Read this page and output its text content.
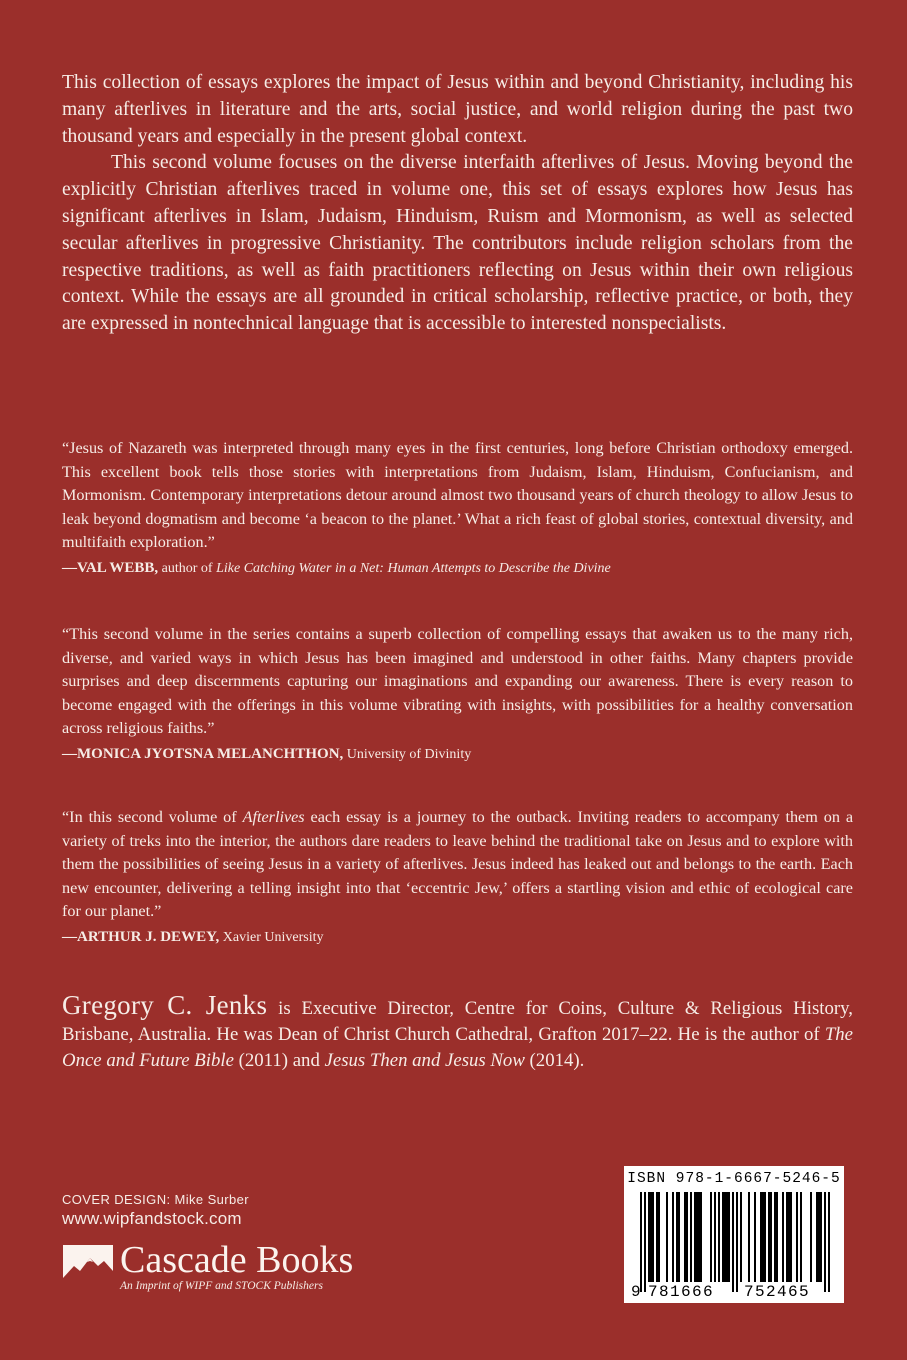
This collection of essays explores the impact of Jesus within and beyond Christianity, including his many afterlives in literature and the arts, social justice, and world religion during the past two thousand years and especially in the present global context.

This second volume focuses on the diverse interfaith afterlives of Jesus. Moving beyond the explicitly Christian afterlives traced in volume one, this set of essays explores how Jesus has significant afterlives in Islam, Judaism, Hinduism, Ruism and Mormonism, as well as selected secular afterlives in progressive Christianity. The contributors include religion scholars from the respective traditions, as well as faith practitioners reflecting on Jesus within their own religious context. While the essays are all grounded in critical scholarship, reflective practice, or both, they are expressed in nontechnical language that is accessible to interested nonspecialists.

“Jesus of Nazareth was interpreted through many eyes in the first centuries, long before Christian orthodoxy emerged. This excellent book tells those stories with interpretations from Judaism, Islam, Hinduism, Confucianism, and Mormonism. Contemporary interpretations detour around almost two thousand years of church theology to allow Jesus to leak beyond dogmatism and become ‘a beacon to the planet.’ What a rich feast of global stories, contextual diversity, and multifaith exploration.”

—VAL WEBB, author of Like Catching Water in a Net: Human Attempts to Describe the Divine

“This second volume in the series contains a superb collection of compelling essays that awaken us to the many rich, diverse, and varied ways in which Jesus has been imagined and understood in other faiths. Many chapters provide surprises and deep discernments capturing our imaginations and expanding our awareness. There is every reason to become engaged with the offerings in this volume vibrating with insights, with possibilities for a healthy conversation across religious faiths.”

—MONICA JYOTSNA MELANCHTHON, University of Divinity

“In this second volume of Afterlives each essay is a journey to the outback. Inviting readers to accompany them on a variety of treks into the interior, the authors dare readers to leave behind the traditional take on Jesus and to explore with them the possibilities of seeing Jesus in a variety of afterlives. Jesus indeed has leaked out and belongs to the earth. Each new encounter, delivering a telling insight into that ‘eccentric Jew,’ offers a startling vision and ethic of ecological care for our planet.”

—ARTHUR J. DEWEY, Xavier University

Gregory C. Jenks is Executive Director, Centre for Coins, Culture & Religious History, Brisbane, Australia. He was Dean of Christ Church Cathedral, Grafton 2017–22. He is the author of The Once and Future Bible (2011) and Jesus Then and Jesus Now (2014).
COVER DESIGN: Mike Surber
www.wipfandstock.com
Cascade Books
An Imprint of WIPF and STOCK Publishers
ISBN 978-1-6667-5246-5
9 781666 752465
